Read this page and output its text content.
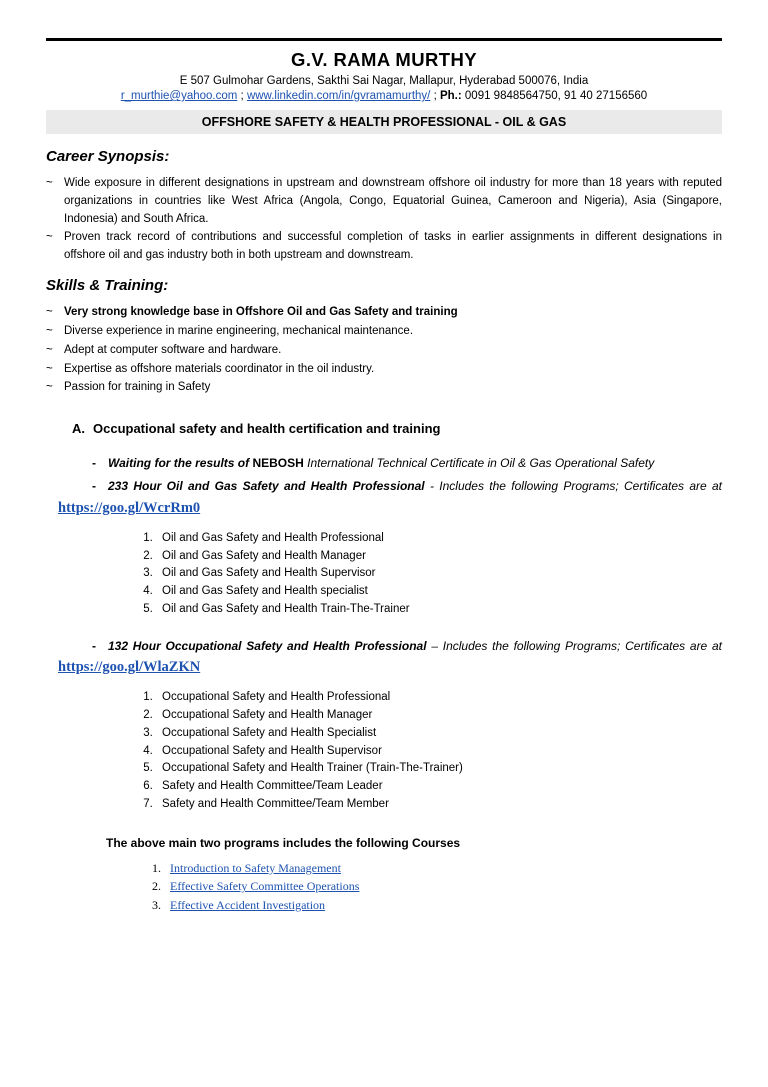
G.V. RAMA MURTHY
E 507 Gulmohar Gardens, Sakthi Sai Nagar, Mallapur, Hyderabad 500076, India
r_murthie@yahoo.com ; www.linkedin.com/in/gvramamurthy/ ; Ph.: 0091 9848564750, 91 40 27156560
OFFSHORE SAFETY & HEALTH PROFESSIONAL - OIL & GAS
Career Synopsis:
~ Wide exposure in different designations in upstream and downstream offshore oil industry for more than 18 years with reputed organizations in countries like West Africa (Angola, Congo, Equatorial Guinea, Cameroon and Nigeria), Asia (Singapore, Indonesia) and South Africa.
~ Proven track record of contributions and successful completion of tasks in earlier assignments in different designations in offshore oil and gas industry both in both upstream and downstream.
Skills & Training:
~ Very strong knowledge base in Offshore Oil and Gas Safety and training
~ Diverse experience in marine engineering, mechanical maintenance.
~ Adept at computer software and hardware.
~ Expertise as offshore materials coordinator in the oil industry.
~ Passion for training in Safety
A. Occupational safety and health certification and training
- Waiting for the results of NEBOSH International Technical Certificate in Oil & Gas Operational Safety
- 233 Hour Oil and Gas Safety and Health Professional - Includes the following Programs; Certificates are at https://goo.gl/WcrRm0
1. Oil and Gas Safety and Health Professional
2. Oil and Gas Safety and Health Manager
3. Oil and Gas Safety and Health Supervisor
4. Oil and Gas Safety and Health specialist
5. Oil and Gas Safety and Health Train-The-Trainer
- 132 Hour Occupational Safety and Health Professional – Includes the following Programs; Certificates are at https://goo.gl/WlaZKN
1. Occupational Safety and Health Professional
2. Occupational Safety and Health Manager
3. Occupational Safety and Health Specialist
4. Occupational Safety and Health Supervisor
5. Occupational Safety and Health Trainer (Train-The-Trainer)
6. Safety and Health Committee/Team Leader
7. Safety and Health Committee/Team Member
The above main two programs includes the following Courses
1. Introduction to Safety Management
2. Effective Safety Committee Operations
3. Effective Accident Investigation
